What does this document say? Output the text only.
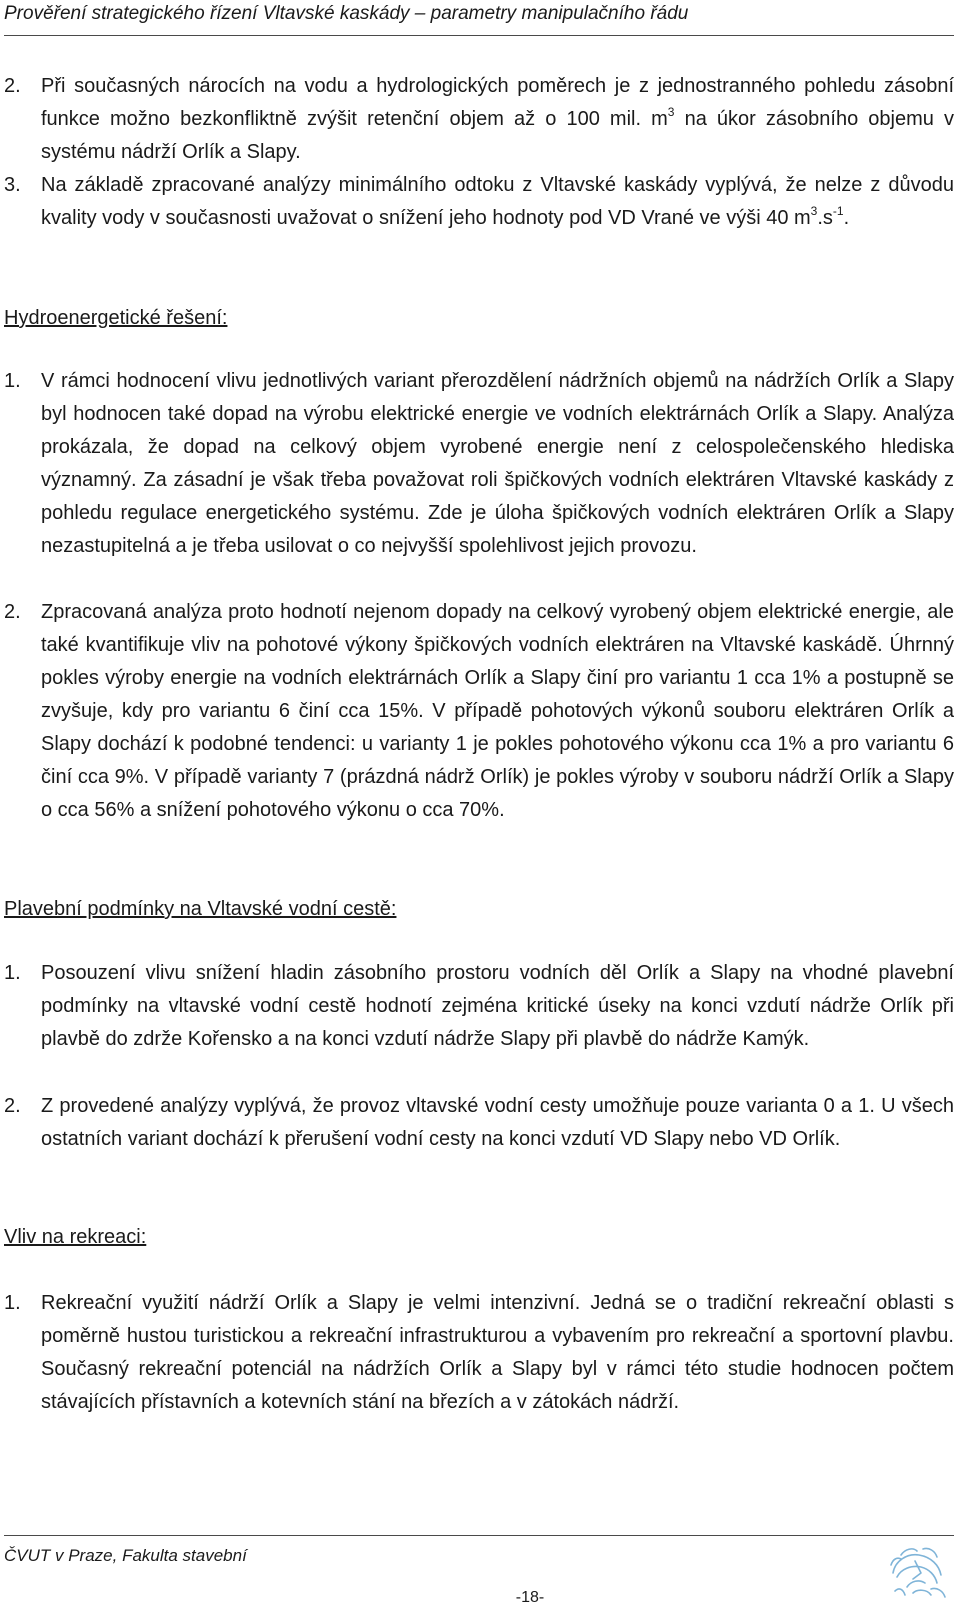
Prověření strategického řízení Vltavské kaskády – parametry manipulačního řádu
2. Při současných nárocích na vodu a hydrologických poměrech je z jednostranného pohledu zásobní funkce možno bezkonfliktně zvýšit retenční objem až o 100 mil. $m^3$ na úkor zásobního objemu v systému nádrží Orlík a Slapy.
3. Na základě zpracované analýzy minimálního odtoku z Vltavské kaskády vyplývá, že nelze z důvodu kvality vody v současnosti uvažovat o snížení jeho hodnoty pod VD Vrané ve výši 40 $m^3.s^{-1}$.
Hydroenergetické řešení:
1. V rámci hodnocení vlivu jednotlivých variant přerozdělení nádržních objemů na nádržích Orlík a Slapy byl hodnocen také dopad na výrobu elektrické energie ve vodních elektrárnách Orlík a Slapy. Analýza prokázala, že dopad na celkový objem vyrobené energie není z celospolečenského hlediska významný. Za zásadní je však třeba považovat roli špičkových vodních elektráren Vltavské kaskády z pohledu regulace energetického systému. Zde je úloha špičkových vodních elektráren Orlík a Slapy nezastupitelná a je třeba usilovat o co nejvyšší spolehlivost jejich provozu.
2. Zpracovaná analýza proto hodnotí nejenom dopady na celkový vyrobený objem elektrické energie, ale také kvantifikuje vliv na pohotové výkony špičkových vodních elektráren na Vltavské kaskádě. Úhrnný pokles výroby energie na vodních elektrárnách Orlík a Slapy činí pro variantu 1 cca 1% a postupně se zvyšuje, kdy pro variantu 6 činí cca 15%. V případě pohotových výkonů souboru elektráren Orlík a Slapy dochází k podobné tendenci: u varianty 1 je pokles pohotového výkonu cca 1% a pro variantu 6 činí cca 9%. V případě varianty 7 (prázdná nádrž Orlík) je pokles výroby v souboru nádrží Orlík a Slapy o cca 56% a snížení pohotového výkonu o cca 70%.
Plavební podmínky na Vltavské vodní cestě:
1. Posouzení vlivu snížení hladin zásobního prostoru vodních děl Orlík a Slapy na vhodné plavební podmínky na vltavské vodní cestě hodnotí zejména kritické úseky na konci vzdutí nádrže Orlík při plavbě do zdrže Kořensko a na konci vzdutí nádrže Slapy při plavbě do nádrže Kamýk.
2. Z provedené analýzy vyplývá, že provoz vltavské vodní cesty umožňuje pouze varianta 0 a 1. U všech ostatních variant dochází k přerušení vodní cesty na konci vzdutí VD Slapy nebo VD Orlík.
Vliv na rekreaci:
1. Rekreační využití nádrží Orlík a Slapy je velmi intenzivní. Jedná se o tradiční rekreační oblasti s poměrně hustou turistickou a rekreační infrastrukturou a vybavením pro rekreační a sportovní plavbu. Současný rekreační potenciál na nádržích Orlík a Slapy byl v rámci této studie hodnocen počtem stávajících přístavních a kotevních stání na březích a v zátokách nádrží.
ČVUT v Praze, Fakulta stavební
-18-
